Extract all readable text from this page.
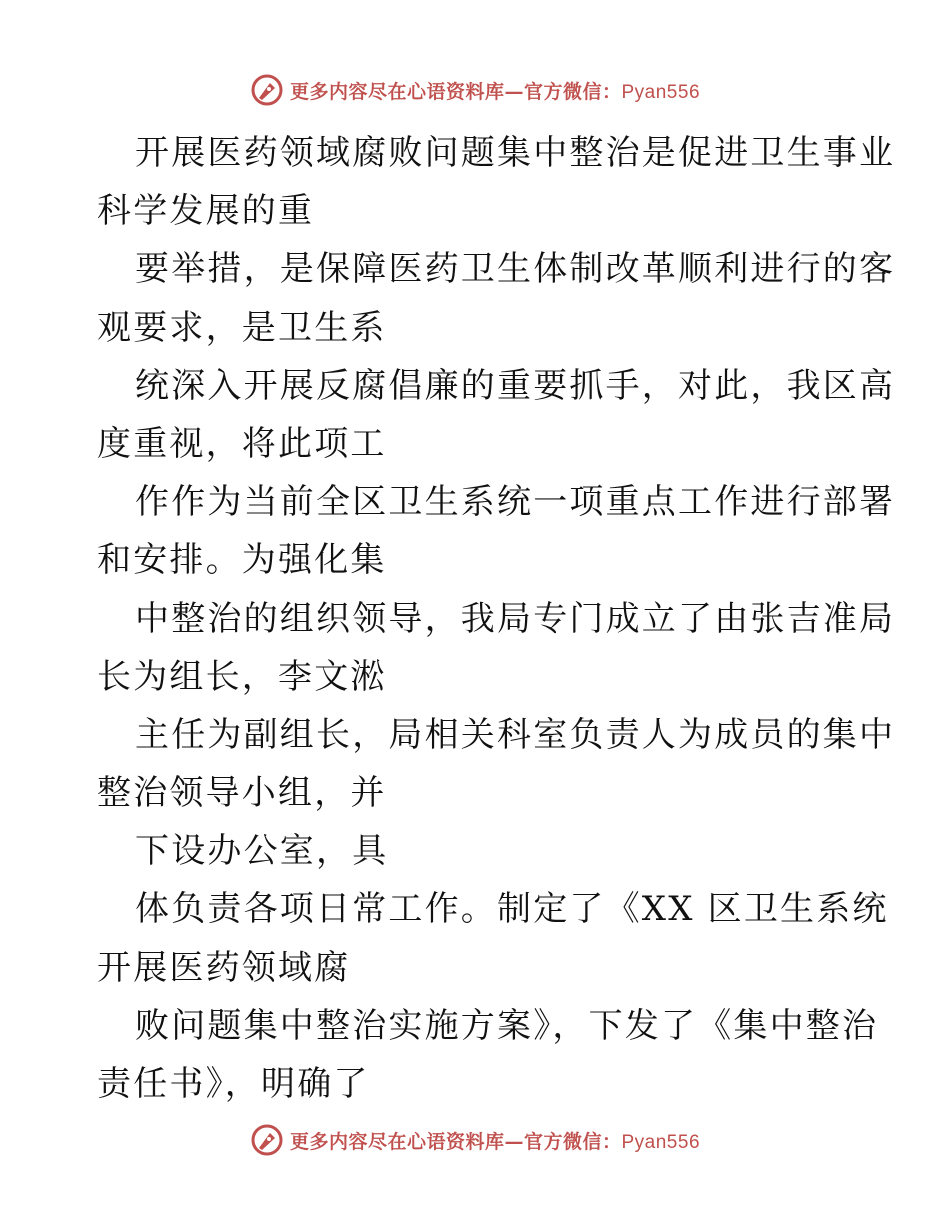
更多内容尽在心语资料库—官方微信：Pyan556
开展医药领域腐败问题集中整治是促进卫生事业
科学发展的重
要举措，是保障医药卫生体制改革顺利进行的客
观要求，是卫生系
统深入开展反腐倡廉的重要抓手，对此，我区高
度重视，将此项工
作作为当前全区卫生系统一项重点工作进行部署
和安排。为强化集
中整治的组织领导，我局专门成立了由张吉准局
长为组长，李文淞
主任为副组长，局相关科室负责人为成员的集中
整治领导小组，并
下设办公室，具
体负责各项日常工作。制定了《XX 区卫生系统
开展医药领域腐
败问题集中整治实施方案》，下发了《集中整治
责任书》，明确了
更多内容尽在心语资料库—官方微信：Pyan556
